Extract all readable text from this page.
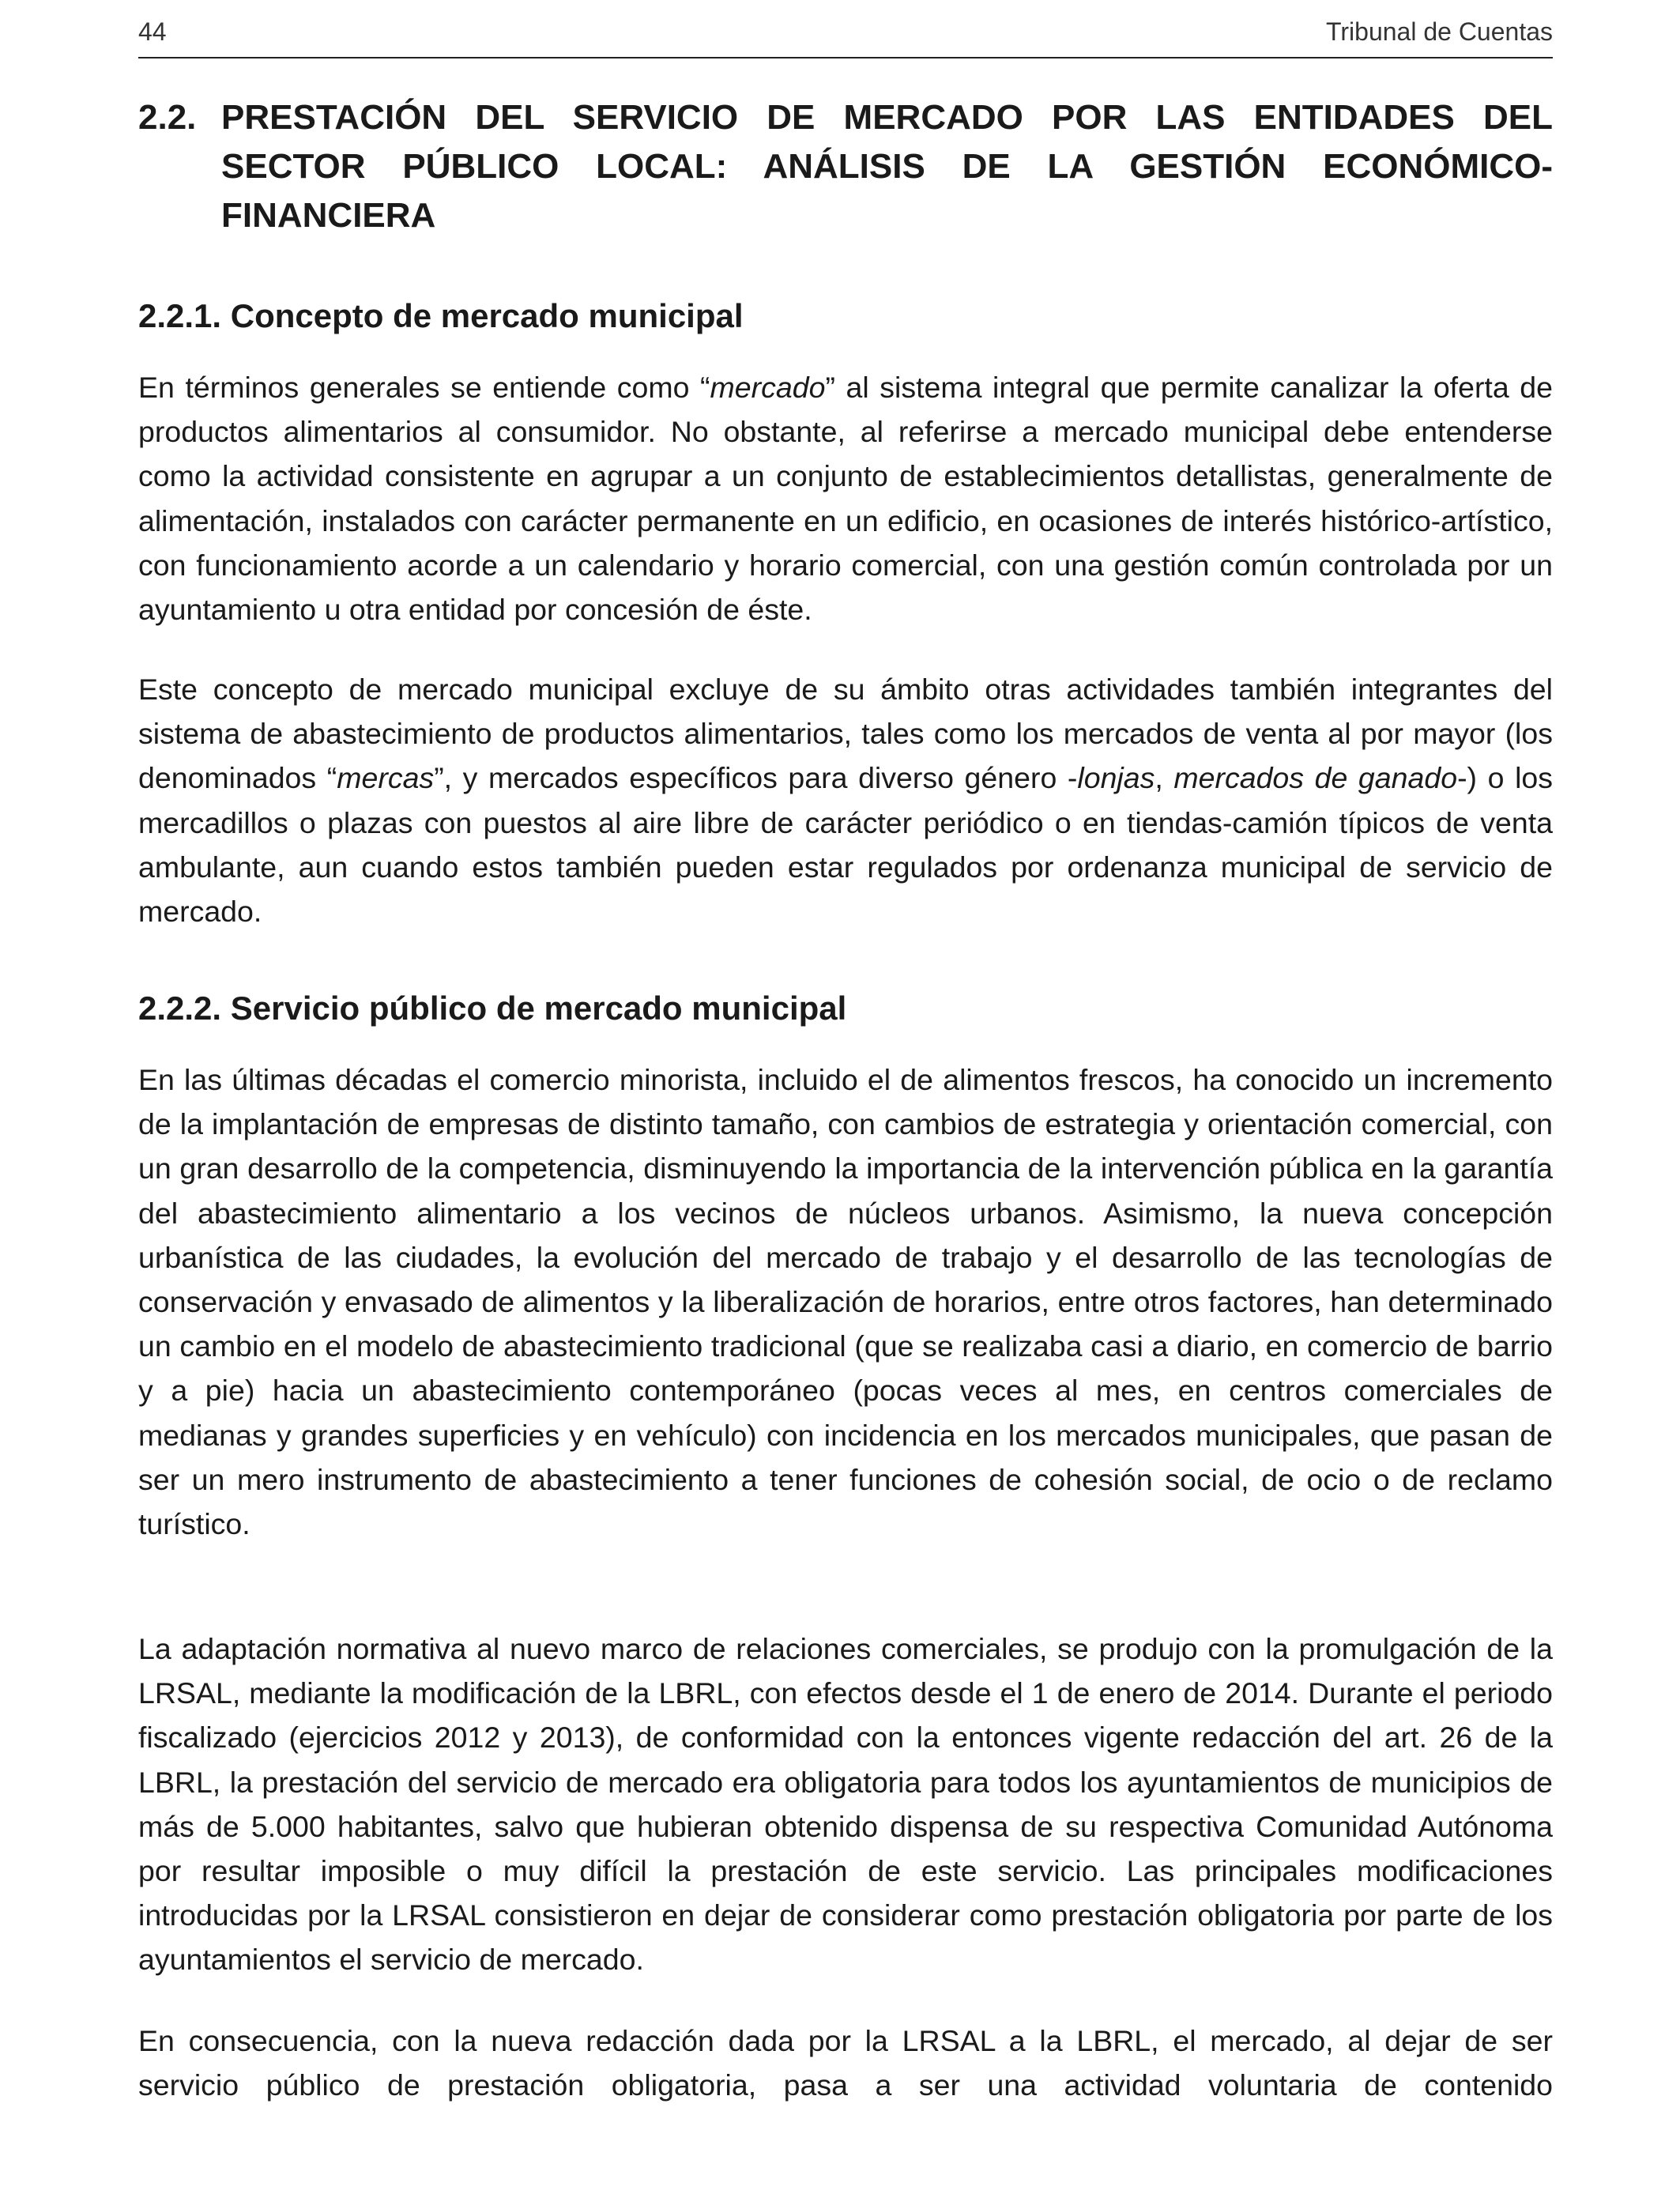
44	Tribunal de Cuentas
2.2. PRESTACIÓN DEL SERVICIO DE MERCADO POR LAS ENTIDADES DEL SECTOR PÚBLICO LOCAL: ANÁLISIS DE LA GESTIÓN ECONÓMICO-FINANCIERA
2.2.1. Concepto de mercado municipal

En términos generales se entiende como “mercado” al sistema integral que permite canalizar la oferta de productos alimentarios al consumidor. No obstante, al referirse a mercado municipal debe entenderse como la actividad consistente en agrupar a un conjunto de establecimientos detallistas, generalmente de alimentación, instalados con carácter permanente en un edificio, en ocasiones de interés histórico-artístico, con funcionamiento acorde a un calendario y horario comercial, con una gestión común controlada por un ayuntamiento u otra entidad por concesión de éste.

Este concepto de mercado municipal excluye de su ámbito otras actividades también integrantes del sistema de abastecimiento de productos alimentarios, tales como los mercados de venta al por mayor (los denominados “mercas”, y mercados específicos para diverso género -lonjas, mercados de ganado-) o los mercadillos o plazas con puestos al aire libre de carácter periódico o en tiendas-camión típicos de venta ambulante, aun cuando estos también pueden estar regulados por ordenanza municipal de servicio de mercado.

2.2.2. Servicio público de mercado municipal

En las últimas décadas el comercio minorista, incluido el de alimentos frescos, ha conocido un incremento de la implantación de empresas de distinto tamaño, con cambios de estrategia y orientación comercial, con un gran desarrollo de la competencia, disminuyendo la importancia de la intervención pública en la garantía del abastecimiento alimentario a los vecinos de núcleos urbanos. Asimismo, la nueva concepción urbanística de las ciudades, la evolución del mercado de trabajo y el desarrollo de las tecnologías de conservación y envasado de alimentos y la liberalización de horarios, entre otros factores, han determinado un cambio en el modelo de abastecimiento tradicional (que se realizaba casi a diario, en comercio de barrio y a pie) hacia un abastecimiento contemporáneo (pocas veces al mes, en centros comerciales de medianas y grandes superficies y en vehículo) con incidencia en los mercados municipales, que pasan de ser un mero instrumento de abastecimiento a tener funciones de cohesión social, de ocio o de reclamo turístico.

La adaptación normativa al nuevo marco de relaciones comerciales, se produjo con la promulgación de la LRSAL, mediante la modificación de la LBRL, con efectos desde el 1 de enero de 2014. Durante el periodo fiscalizado (ejercicios 2012 y 2013), de conformidad con la entonces vigente redacción del art. 26 de la LBRL, la prestación del servicio de mercado era obligatoria para todos los ayuntamientos de municipios de más de 5.000 habitantes, salvo que hubieran obtenido dispensa de su respectiva Comunidad Autónoma por resultar imposible o muy difícil la prestación de este servicio. Las principales modificaciones introducidas por la LRSAL consistieron en dejar de considerar como prestación obligatoria por parte de los ayuntamientos el servicio de mercado.

En consecuencia, con la nueva redacción dada por la LRSAL a la LBRL, el mercado, al dejar de ser servicio público de prestación obligatoria, pasa a ser una actividad voluntaria de contenido
